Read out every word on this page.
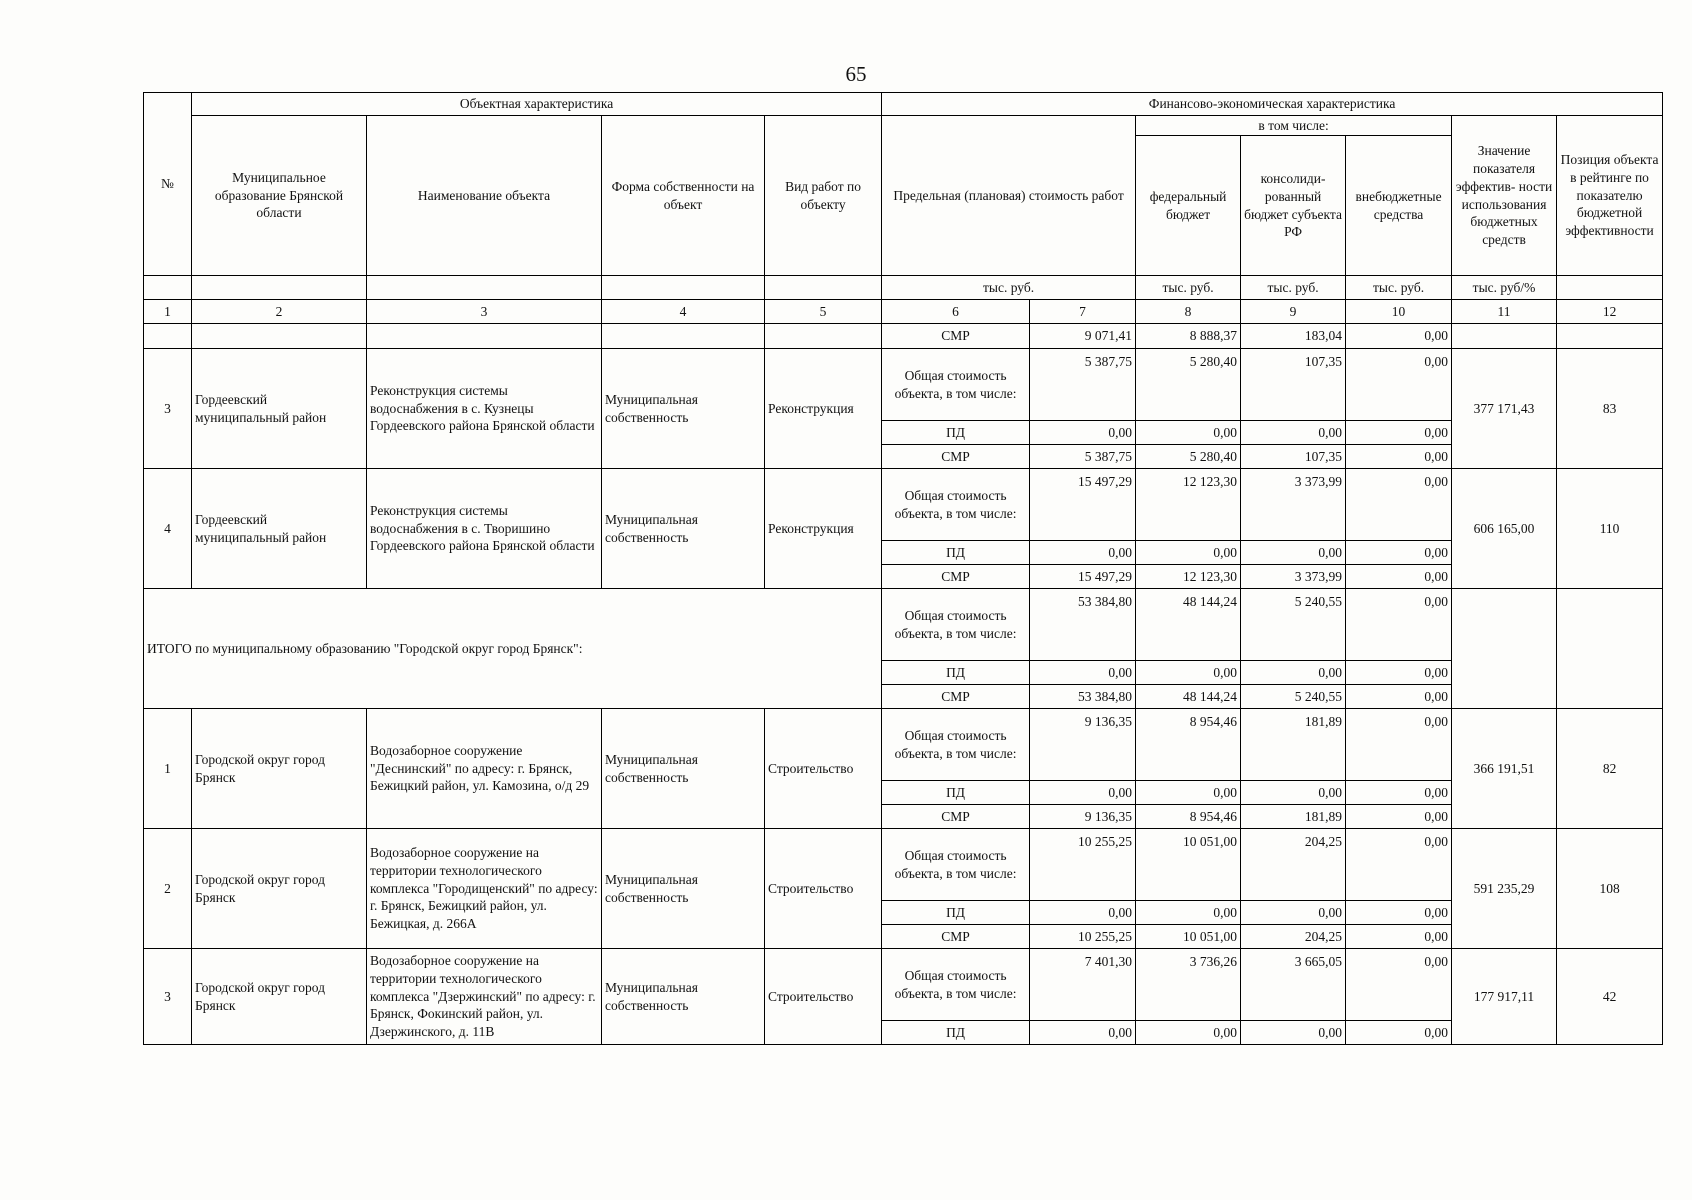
65
№	Объектная характеристика				Финансово-экономическая характеристика						
	Муниципальное образование Брянской области	Наименование объекта	Форма собственности на объект	Вид работ по объекту	Предельная (плановая) стоимость работ		в том числе:			Значение показателя эффектив- ности использования бюджетных средств	Позиция объекта в рейтинге по показателю бюджетной эффективности
							федеральный бюджет	консолиди- рованный бюджет субъекта РФ	внебюджетные средства		
					тыс. руб.		тыс. руб.	тыс. руб.	тыс. руб.	тыс. руб/%	
1	2	3	4	5	6	7	8	9	10	11	12
					СМР	9 071,41	8 888,37	183,04	0,00		
3	Гордеевский муниципальный район	Реконструкция системы водоснабжения в с. Кузнецы Гордеевского района Брянской области	Муниципальная собственность	Реконструкция	Общая стоимость объекта, в том числе:	5 387,75	5 280,40	107,35	0,00	377 171,43	83
					ПД	0,00	0,00	0,00	0,00		
					СМР	5 387,75	5 280,40	107,35	0,00		
4	Гордеевский муниципальный район	Реконструкция системы водоснабжения в с. Творишино Гордеевского района Брянской области	Муниципальная собственность	Реконструкция	Общая стоимость объекта, в том числе:	15 497,29	12 123,30	3 373,99	0,00	606 165,00	110
					ПД	0,00	0,00	0,00	0,00		
					СМР	15 497,29	12 123,30	3 373,99	0,00		
ИТОГО по муниципальному образованию "Городской округ город Брянск":					Общая стоимость объекта, в том числе:	53 384,80	48 144,24	5 240,55	0,00		
					ПД	0,00	0,00	0,00	0,00		
					СМР	53 384,80	48 144,24	5 240,55	0,00		
1	Городской округ город Брянск	Водозаборное сооружение "Деснинский" по адресу: г. Брянск, Бежицкий район, ул. Камозина, о/д 29	Муниципальная собственность	Строительство	Общая стоимость объекта, в том числе:	9 136,35	8 954,46	181,89	0,00	366 191,51	82
					ПД	0,00	0,00	0,00	0,00		
					СМР	9 136,35	8 954,46	181,89	0,00		
2	Городской округ город Брянск	Водозаборное сооружение на территории технологического комплекса "Городищенский" по адресу: г. Брянск, Бежицкий район, ул. Бежицкая, д. 266А	Муниципальная собственность	Строительство	Общая стоимость объекта, в том числе:	10 255,25	10 051,00	204,25	0,00	591 235,29	108
					ПД	0,00	0,00	0,00	0,00		
					СМР	10 255,25	10 051,00	204,25	0,00		
3	Городской округ город Брянск	Водозаборное сооружение на территории технологического комплекса "Дзержинский" по адресу: г. Брянск, Фокинский район, ул. Дзержинского, д. 11В	Муниципальная собственность	Строительство	Общая стоимость объекта, в том числе:	7 401,30	3 736,26	3 665,05	0,00	177 917,11	42
					ПД	0,00	0,00	0,00	0,00		
